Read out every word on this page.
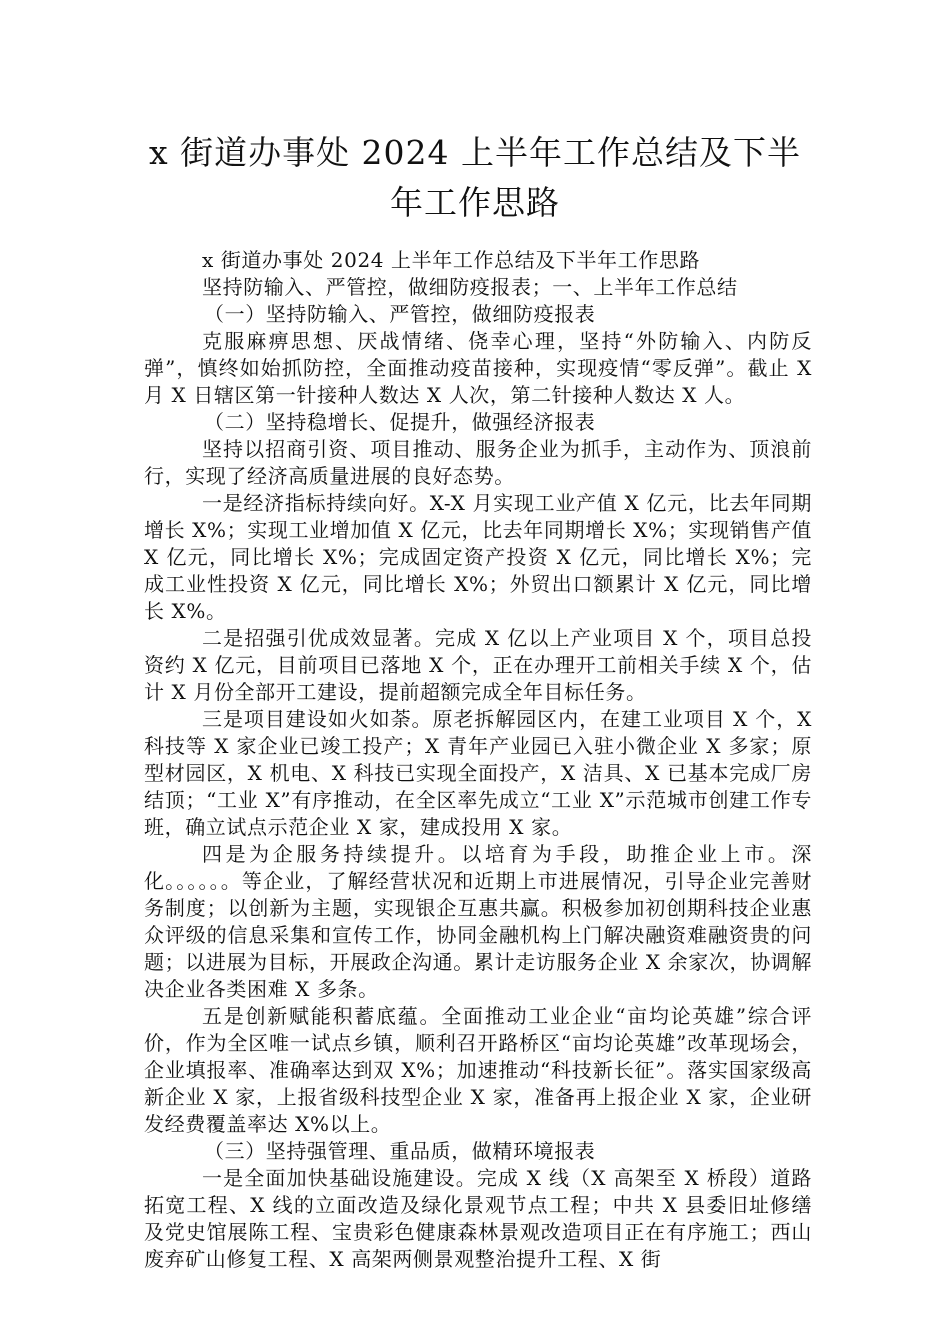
x 街道办事处 2024 上半年工作总结及下半
年工作思路

x 街道办事处 2024 上半年工作总结及下半年工作思路

坚持防输入、严管控，做细防疫报表；一、上半年工作总结

（一）坚持防输入、严管控，做细防疫报表

克服麻痹思想、厌战情绪、侥幸心理，坚持“外防输入、内防反弹”，慎终如始抓防控，全面推动疫苗接种，实现疫情“零反弹”。截止 X 月 X 日辖区第一针接种人数达 X 人次，第二针接种人数达 X 人。

（二）坚持稳增长、促提升，做强经济报表

坚持以招商引资、项目推动、服务企业为抓手，主动作为、顶浪前行，实现了经济高质量进展的良好态势。

一是经济指标持续向好。X-X 月实现工业产值 X 亿元，比去年同期增长 X%；实现工业增加值 X 亿元，比去年同期增长 X%；实现销售产值 X 亿元，同比增长 X%；完成固定资产投资 X 亿元，同比增长 X%；完成工业性投资 X 亿元，同比增长 X%；外贸出口额累计 X 亿元，同比增长 X%。

二是招强引优成效显著。完成 X 亿以上产业项目 X 个，项目总投资约 X 亿元，目前项目已落地 X 个，正在办理开工前相关手续 X 个，估计 X 月份全部开工建设，提前超额完成全年目标任务。

三是项目建设如火如荼。原老拆解园区内，在建工业项目 X 个，X 科技等 X 家企业已竣工投产；X 青年产业园已入驻小微企业 X 多家；原型材园区，X 机电、X 科技已实现全面投产，X 洁具、X 已基本完成厂房结顶；“工业 X”有序推动，在全区率先成立“工业 X”示范城市创建工作专班，确立试点示范企业 X 家，建成投用 X 家。

四是为企服务持续提升。以培育为手段，助推企业上市。深化。。。。。。等企业，了解经营状况和近期上市进展情况，引导企业完善财务制度；以创新为主题，实现银企互惠共赢。积极参加初创期科技企业惠众评级的信息采集和宣传工作，协同金融机构上门解决融资难融资贵的问题；以进展为目标，开展政企沟通。累计走访服务企业 X 余家次，协调解决企业各类困难 X 多条。

五是创新赋能积蓄底蕴。全面推动工业企业“亩均论英雄”综合评价，作为全区唯一试点乡镇，顺利召开路桥区“亩均论英雄”改革现场会，企业填报率、准确率达到双 X%；加速推动“科技新长征”。落实国家级高新企业 X 家，上报省级科技型企业 X 家，准备再上报企业 X 家，企业研发经费覆盖率达 X%以上。

（三）坚持强管理、重品质，做精环境报表

一是全面加快基础设施建设。完成 X 线（X 高架至 X 桥段）道路拓宽工程、X 线的立面改造及绿化景观节点工程；中共 X 县委旧址修缮及党史馆展陈工程、宝贵彩色健康森林景观改造项目正在有序施工；西山废弃矿山修复工程、X 高架两侧景观整治提升工程、X 街
